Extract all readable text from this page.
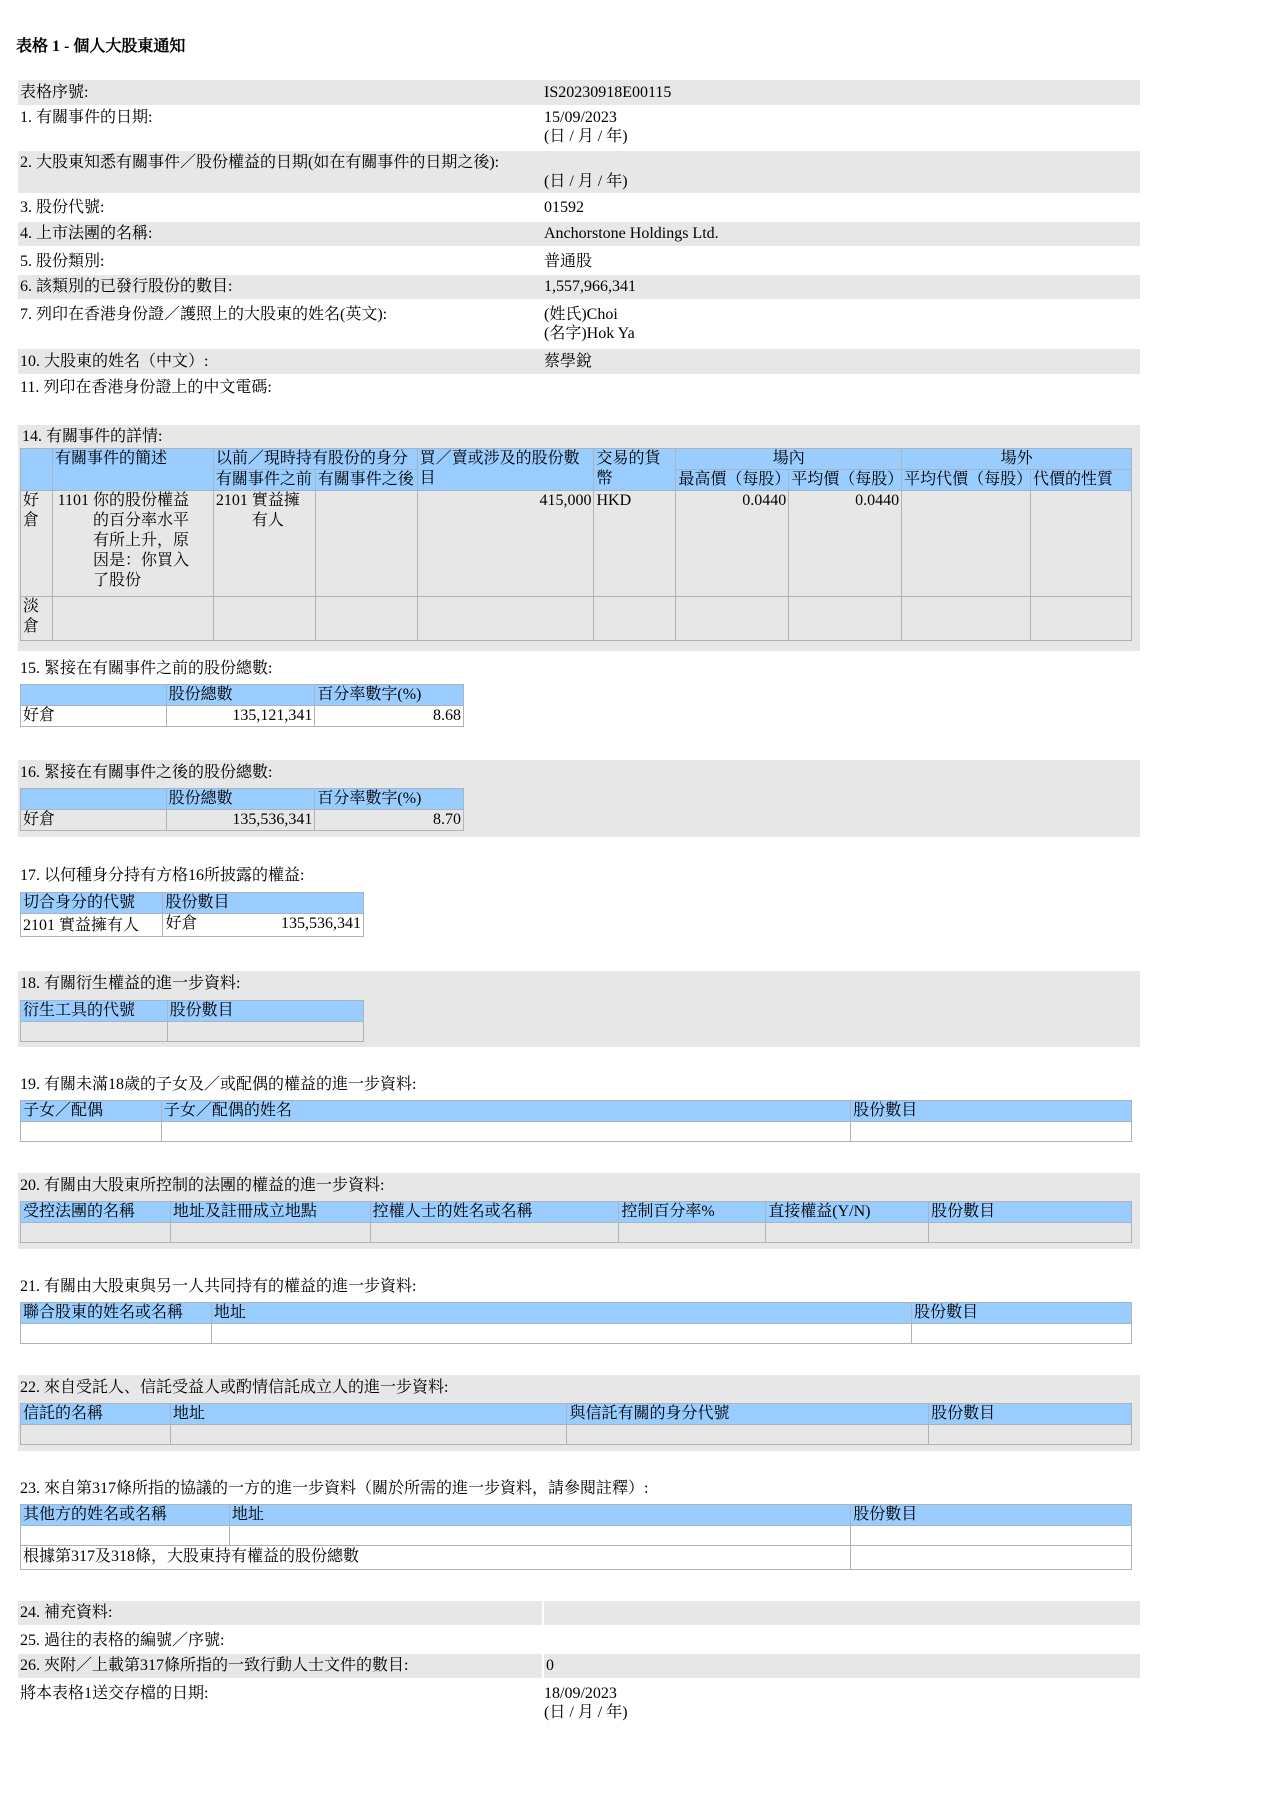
表格 1 - 個人大股東通知
表格序號:	IS20230918E00115
1. 有關事件的日期:	15/09/2023
(日 / 月 / 年)
2. 大股東知悉有關事件／股份權益的日期(如在有關事件的日期之後):
(日 / 月 / 年)
3. 股份代號:	01592
4. 上市法團的名稱:	Anchorstone Holdings Ltd.
5. 股份類別:	普通股
6. 該類別的已發行股份的數目:	1,557,966,341
7. 列印在香港身份證／護照上的大股東的姓名(英文):	(姓氏)Choi
(名字)Hok Ya
10. 大股東的姓名（中文）:	蔡學銳
11. 列印在香港身份證上的中文電碼:
14. 有關事件的詳情:
	有關事件的簡述	以前／現時持有股份的身分		買／賣或涉及的股份數目	交易的貨幣	場內		場外	
		有關事件之前	有關事件之後			最高價（每股）	平均價（每股）	平均代價（每股）	代價的性質
好倉	1101 你的股份權益的百分率水平有所上升，原因是：你買入了股份	2101 實益擁有人		415,000	HKD	0.0440	0.0440		
淡倉									
15. 緊接在有關事件之前的股份總數:
	股份總數	百分率數字(%)
好倉	135,121,341	8.68
16. 緊接在有關事件之後的股份總數:
	股份總數	百分率數字(%)
好倉	135,536,341	8.70
17. 以何種身分持有方格16所披露的權益:
切合身分的代號	股份數目
2101 實益擁有人	好倉 135,536,341
18. 有關衍生權益的進一步資料:
衍生工具的代號	股份數目

19. 有關未滿18歲的子女及／或配偶的權益的進一步資料:
子女／配偶	子女／配偶的姓名	股份數目

20. 有關由大股東所控制的法團的權益的進一步資料:
受控法團的名稱	地址及註冊成立地點	控權人士的姓名或名稱	控制百分率%	直接權益(Y/N)	股份數目

21. 有關由大股東與另一人共同持有的權益的進一步資料:
聯合股東的姓名或名稱	地址	股份數目

22. 來自受託人、信託受益人或酌情信託成立人的進一步資料:
信託的名稱	地址	與信託有關的身分代號	股份數目

23. 來自第317條所指的協議的一方的進一步資料（關於所需的進一步資料，請參閱註釋）:
其他方的姓名或名稱	地址	股份數目

根據第317及318條，大股東持有權益的股份總數		
24. 補充資料:
25. 過往的表格的編號／序號:
26. 夾附／上載第317條所指的一致行動人士文件的數目:	0
將本表格1送交存檔的日期:	18/09/2023
(日 / 月 / 年)
